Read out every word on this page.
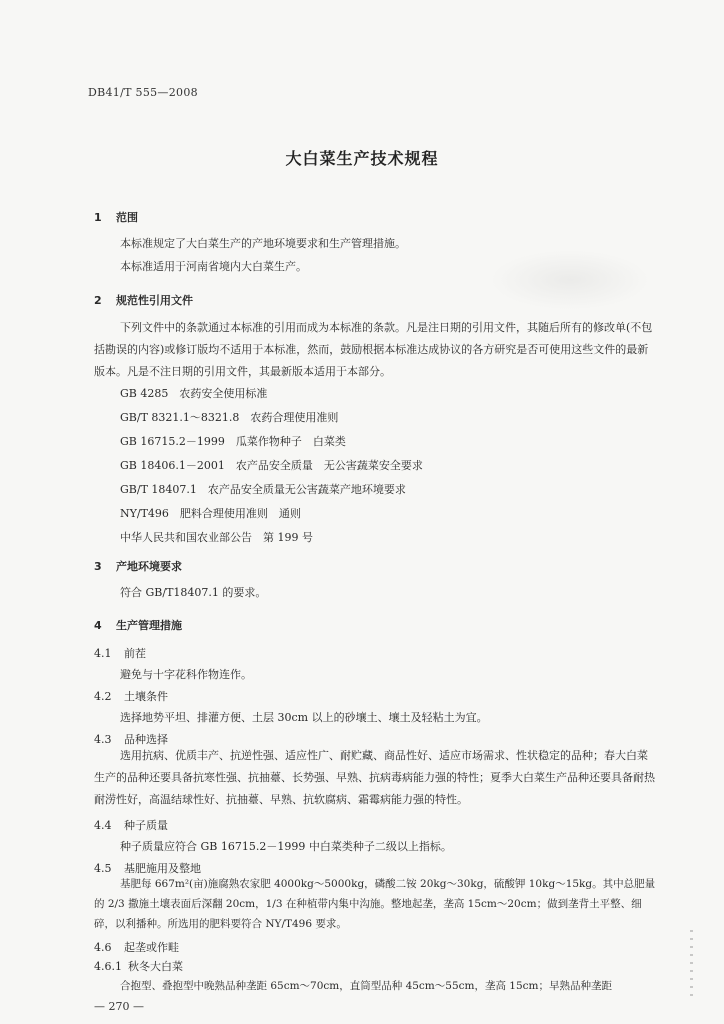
DB41/T 555—2008
大白菜生产技术规程
1 范围
本标准规定了大白菜生产的产地环境要求和生产管理措施。
本标准适用于河南省境内大白菜生产。
2 规范性引用文件
下列文件中的条款通过本标准的引用而成为本标准的条款。凡是注日期的引用文件，其随后所有的修改单(不包括勘误的内容)或修订版均不适用于本标准，然而，鼓励根据本标准达成协议的各方研究是否可使用这些文件的最新版本。凡是不注日期的引用文件，其最新版本适用于本部分。
GB 4285　农药安全使用标准
GB/T 8321.1～8321.8　农药合理使用准则
GB 16715.2－1999　瓜菜作物种子　白菜类
GB 18406.1－2001　农产品安全质量　无公害蔬菜安全要求
GB/T 18407.1　农产品安全质量无公害蔬菜产地环境要求
NY/T496　肥料合理使用准则　通则
中华人民共和国农业部公告　第 199 号
3 产地环境要求
符合 GB/T18407.1 的要求。
4 生产管理措施
4.1 前茬
避免与十字花科作物连作。
4.2 土壤条件
选择地势平坦、排灌方便、土层 30cm 以上的砂壤土、壤土及轻粘土为宜。
4.3 品种选择
选用抗病、优质丰产、抗逆性强、适应性广、耐贮藏、商品性好、适应市场需求、性状稳定的品种；春大白菜生产的品种还要具备抗寒性强、抗抽薹、长势强、早熟、抗病毒病能力强的特性；夏季大白菜生产品种还要具备耐热耐涝性好，高温结球性好、抗抽薹、早熟、抗软腐病、霜霉病能力强的特性。
4.4 种子质量
种子质量应符合 GB 16715.2－1999 中白菜类种子二级以上指标。
4.5 基肥施用及整地
基肥每 667m²(亩)施腐熟农家肥 4000kg～5000kg，磷酸二铵 20kg～30kg，硫酸钾 10kg～15kg。其中总肥量的 2/3 撒施土壤表面后深翻 20cm，1/3 在种植带内集中沟施。整地起垄，垄高 15cm～20cm；做到垄背土平整、细碎，以利播种。所选用的肥料要符合 NY/T496 要求。
4.6 起垄或作畦
4.6.1 秋冬大白菜
合抱型、叠抱型中晚熟品种垄距 65cm～70cm，直筒型品种 45cm～55cm，垄高 15cm；早熟品种垄距
— 270 —
